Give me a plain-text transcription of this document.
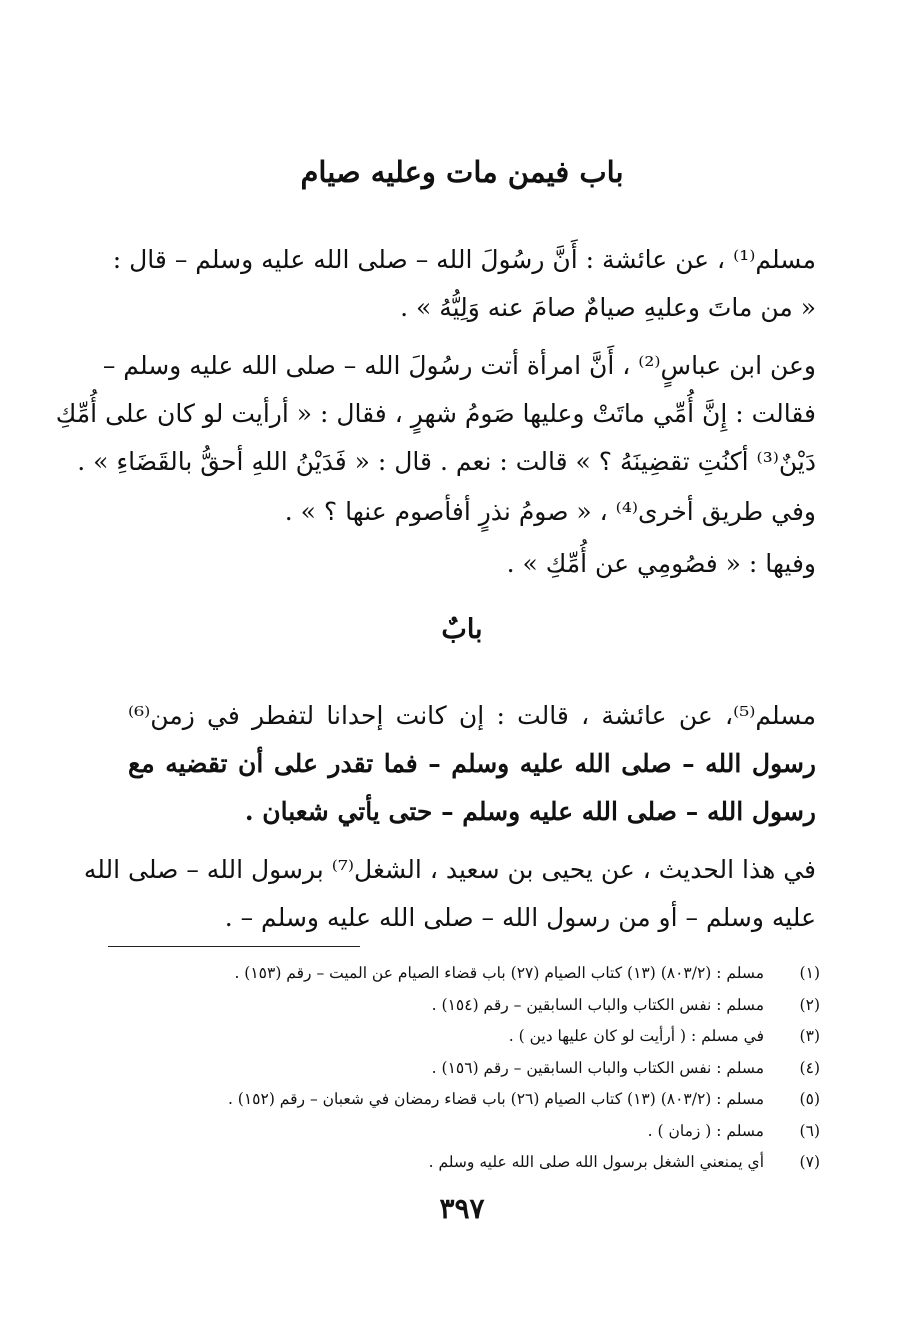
باب فيمن مات وعليه صيام
مسلم⁽¹⁾ ، عن عائشة : أَنَّ رسُولَ الله – صلى الله عليه وسلم – قال :
« من ماتَ وعليهِ صيامٌ صامَ عنه وَلِيُّهُ » .
وعن ابن عباسٍ⁽²⁾ ، أَنَّ امرأة أتت رسُولَ الله – صلى الله عليه وسلم –
فقالت : إِنَّ أُمِّي ماتَتْ وعليها صَومُ شهرٍ ، فقال : « أرأيت لو كان على أُمِّكِ
دَيْنٌ⁽³⁾ أكنُتِ تقضِينَهُ ؟ » قالت : نعم . قال : « فَدَيْنُ اللهِ أحقُّ بالقَضَاءِ » .
وفي طريق أخرى⁽⁴⁾ ، « صومُ نذرٍ أفأصوم عنها ؟ » .
وفيها : « فصُومِي عن أُمِّكِ » .
بابٌ
مسلم⁽⁵⁾، عن عائشة ، قالت : إن كانت إحدانا لتفطر في زمن⁽⁶⁾
رسول الله – صلى الله عليه وسلم – فما تقدر على أن تقضيه مع
رسول الله – صلى الله عليه وسلم – حتى يأتي شعبان .
في هذا الحديث ، عن يحيى بن سعيد ، الشغل⁽⁷⁾ برسول الله – صلى الله
عليه وسلم – أو من رسول الله – صلى الله عليه وسلم – .
(١)
مسلم : (٨٠٣/٢) (١٣) كتاب الصيام (٢٧) باب قضاء الصيام عن الميت – رقم (١٥٣) .
(٢)
مسلم : نفس الكتاب والباب السابقين – رقم (١٥٤) .
(٣)
في مسلم : ( أرأيت لو كان عليها دين ) .
(٤)
مسلم : نفس الكتاب والباب السابقين – رقم (١٥٦) .
(٥)
مسلم : (٨٠٣/٢) (١٣) كتاب الصيام (٢٦) باب قضاء رمضان في شعبان – رقم (١٥٢) .
(٦)
مسلم : ( زمان ) .
(٧)
أي يمنعني الشغل برسول الله صلى الله عليه وسلم .
٣٩٧
